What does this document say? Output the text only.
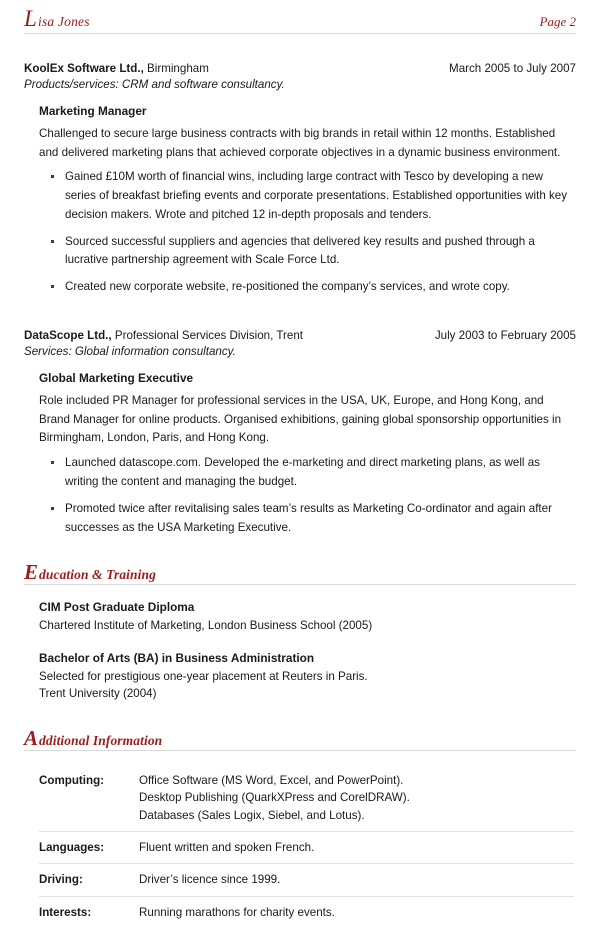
Lisa Jones	Page 2
KoolEx Software Ltd., Birmingham	March 2005 to July 2007
Products/services: CRM and software consultancy.
Marketing Manager
Challenged to secure large business contracts with big brands in retail within 12 months. Established and delivered marketing plans that achieved corporate objectives in a dynamic business environment.
Gained £10M worth of financial wins, including large contract with Tesco by developing a new series of breakfast briefing events and corporate presentations. Established opportunities with key decision makers. Wrote and pitched 12 in-depth proposals and tenders.
Sourced successful suppliers and agencies that delivered key results and pushed through a lucrative partnership agreement with Scale Force Ltd.
Created new corporate website, re-positioned the company’s services, and wrote copy.
DataScope Ltd., Professional Services Division, Trent	July 2003 to February 2005
Services: Global information consultancy.
Global Marketing Executive
Role included PR Manager for professional services in the USA, UK, Europe, and Hong Kong, and Brand Manager for online products. Organised exhibitions, gaining global sponsorship opportunities in Birmingham, London, Paris, and Hong Kong.
Launched datascope.com. Developed the e-marketing and direct marketing plans, as well as writing the content and managing the budget.
Promoted twice after revitalising sales team’s results as Marketing Co-ordinator and again after successes as the USA Marketing Executive.
E ducation & Training
CIM Post Graduate Diploma
Chartered Institute of Marketing, London Business School (2005)
Bachelor of Arts (BA) in Business Administration
Selected for prestigious one-year placement at Reuters in Paris.
Trent University (2004)
A dditional Information
Computing:	Office Software (MS Word, Excel, and PowerPoint).
Desktop Publishing (QuarkXPress and CorelDRAW).
Databases (Sales Logix, Siebel, and Lotus).

Languages:	Fluent written and spoken French.

Driving:	Driver’s licence since 1999.

Interests:	Running marathons for charity events.
